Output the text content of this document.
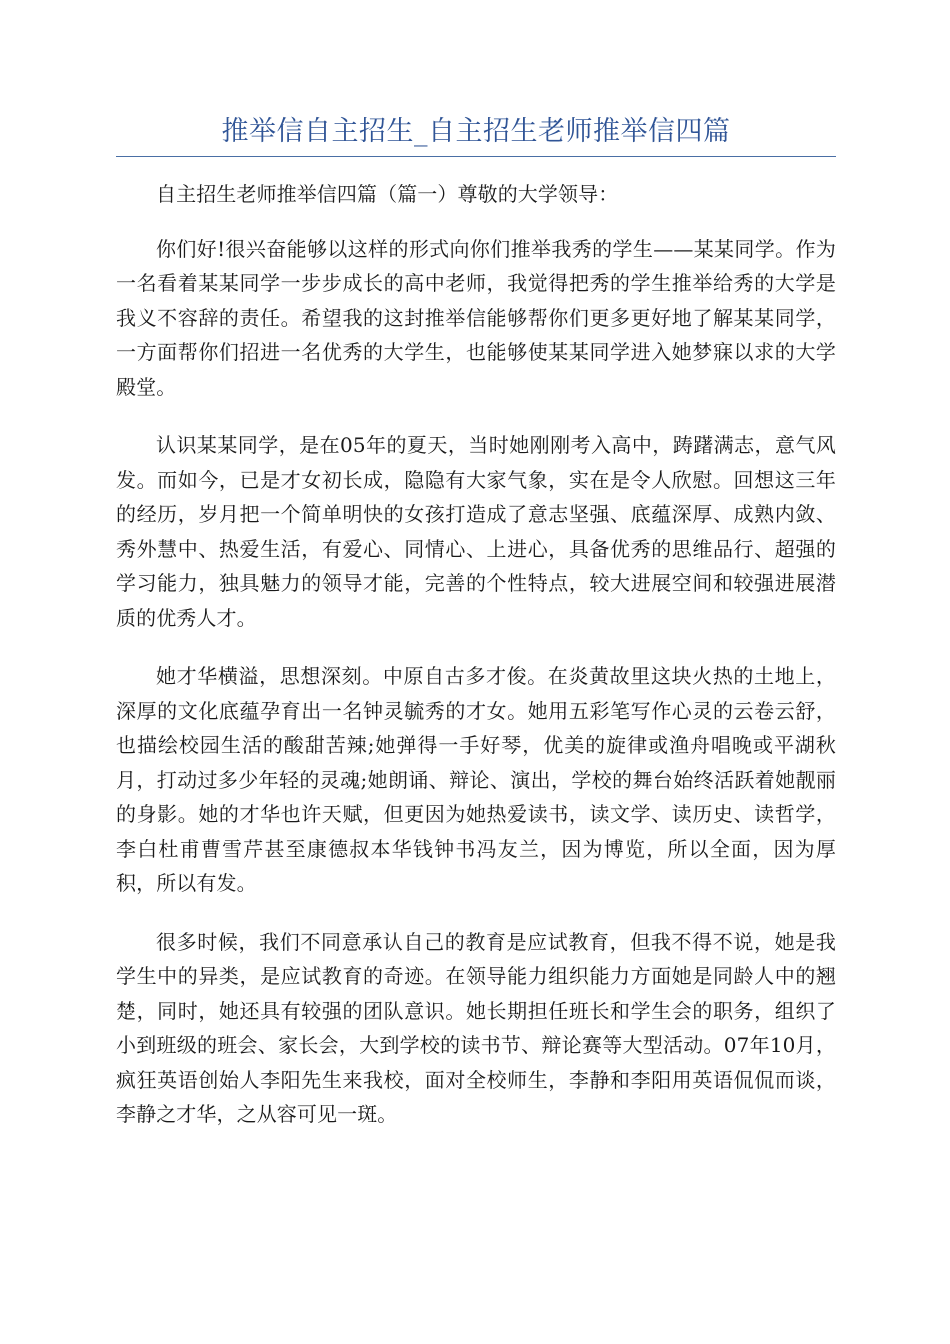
推举信自主招生_自主招生老师推举信四篇

自主招生老师推举信四篇（篇一）尊敬的大学领导：

你们好!很兴奋能够以这样的形式向你们推举我秀的学生——某某同学。作为一名看着某某同学一步步成长的高中老师，我觉得把秀的学生推举给秀的大学是我义不容辞的责任。希望我的这封推举信能够帮你们更多更好地了解某某同学，一方面帮你们招进一名优秀的大学生，也能够使某某同学进入她梦寐以求的大学殿堂。

认识某某同学，是在05年的夏天，当时她刚刚考入高中，踌躇满志，意气风发。而如今，已是才女初长成，隐隐有大家气象，实在是令人欣慰。回想这三年的经历，岁月把一个简单明快的女孩打造成了意志坚强、底蕴深厚、成熟内敛、秀外慧中、热爱生活，有爱心、同情心、上进心，具备优秀的思维品行、超强的学习能力，独具魅力的领导才能，完善的个性特点，较大进展空间和较强进展潜质的优秀人才。

她才华横溢，思想深刻。中原自古多才俊。在炎黄故里这块火热的土地上，深厚的文化底蕴孕育出一名钟灵毓秀的才女。她用五彩笔写作心灵的云卷云舒，也描绘校园生活的酸甜苦辣;她弹得一手好琴，优美的旋律或渔舟唱晚或平湖秋月，打动过多少年轻的灵魂;她朗诵、辩论、演出，学校的舞台始终活跃着她靓丽的身影。她的才华也许天赋，但更因为她热爱读书，读文学、读历史、读哲学，李白杜甫曹雪芹甚至康德叔本华钱钟书冯友兰，因为博览，所以全面，因为厚积，所以有发。

很多时候，我们不同意承认自己的教育是应试教育，但我不得不说，她是我学生中的异类，是应试教育的奇迹。在领导能力组织能力方面她是同龄人中的翘楚，同时，她还具有较强的团队意识。她长期担任班长和学生会的职务，组织了小到班级的班会、家长会，大到学校的读书节、辩论赛等大型活动。07年10月，疯狂英语创始人李阳先生来我校，面对全校师生，李静和李阳用英语侃侃而谈，李静之才华，之从容可见一斑。
